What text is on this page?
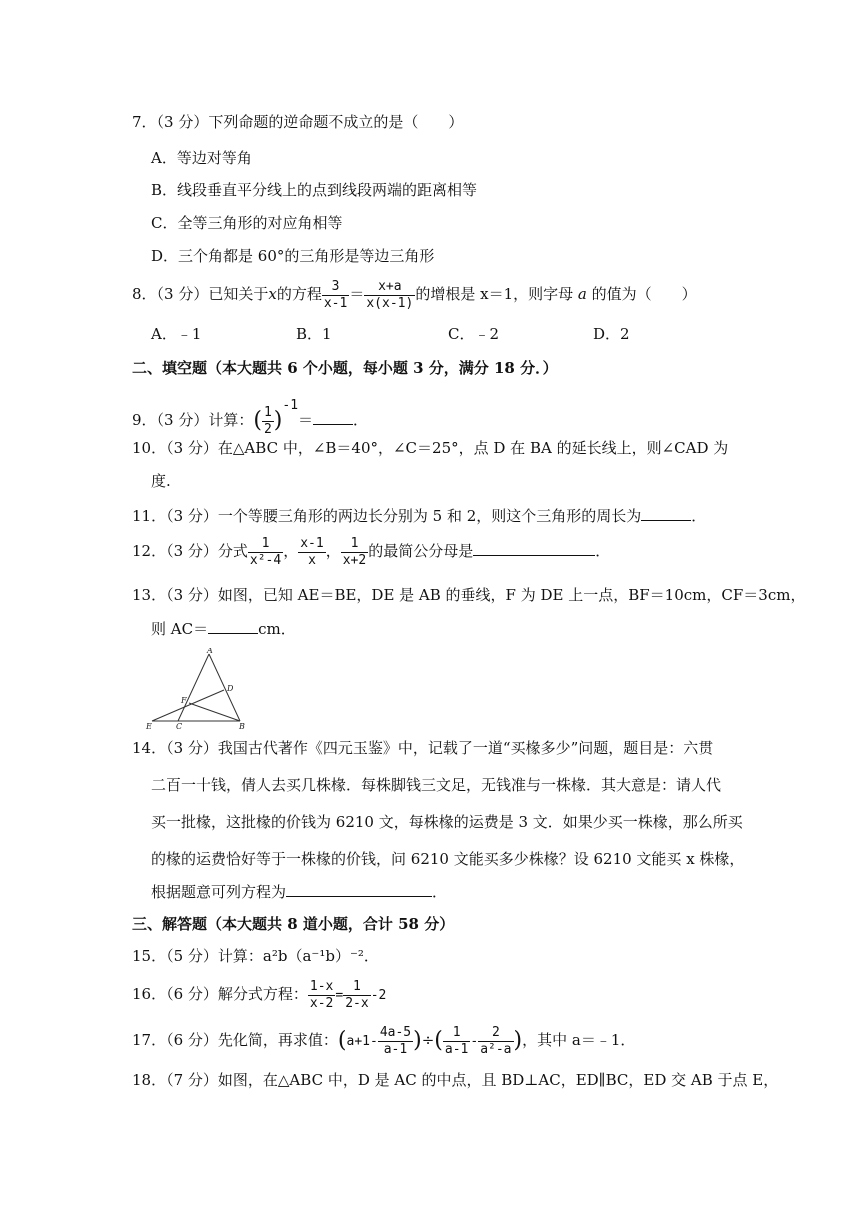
7．（3 分）下列命题的逆命题不成立的是（　　）
A．等边对等角
B．线段垂直平分线上的点到线段两端的距离相等
C．全等三角形的对应角相等
D．三个角都是 60°的三角形是等边三角形
8．（3 分）已知关于x的方程 $\frac{3}{x-1} = \frac{x+a}{x(x-1)}$ 的增根是 x＝1，则字母 a 的值为（　　）
A．﹣1	B．1	C．﹣2	D．2
二、填空题（本大题共 6 个小题，每小题 3 分，满分 18 分．）
9．（3 分）计算：( $\frac{1}{2} )^{-1}=$	．
10．（3 分）在△ABC 中，∠B＝40°，∠C＝25°，点 D 在 BA 的延长线上，则∠CAD 为
度.
11．（3 分）一个等腰三角形的两边长分别为 5 和 2，则这个三角形的周长为	．
12．（3 分）分式 $\frac{1}{\text{x²-4}}$ ， $\frac{x-1}{x}$ ， $\frac{1}{x+2}$ 的最简公分母是	．
13．（3 分）如图，已知 AE＝BE，DE 是 AB 的垂线，F 为 DE 上一点，BF＝10cm，CF＝3cm，
则 AC＝	cm．
A
D
F
E	C	B
14．（3 分）我国古代著作《四元玉鉴》中，记载了一道“买椽多少”问题，题目是：六贯
二百一十钱，倩人去买几株椽．每株脚钱三文足，无钱准与一株椽．其大意是：请人代
买一批椽，这批椽的价钱为 6210 文，每株椽的运费是 3 文．如果少买一株椽，那么所买
的椽的运费恰好等于一株椽的价钱，问 6210 文能买多少株椽？设 6210 文能买 x 株椽，
根据题意可列方程为	．
三、解答题（本大题共 8 道小题，合计 58 分）
15．（5 分）计算：a²b（a⁻¹b）⁻²．
16．（6 分）解分式方程： $\frac{1-x}{x-2} = \frac{1}{2-x} -2$
17．（6 分）先化简，再求值：($a+1- \frac{4a-5}{a-1}$ )÷( $\frac{1}{a-1} - \frac{2}{\text{a²-a}}$ )，其中 a＝﹣1．
18．（7 分）如图，在△ABC 中，D 是 AC 的中点，且 BD⊥AC，ED∥BC，ED 交 AB 于点 E，
